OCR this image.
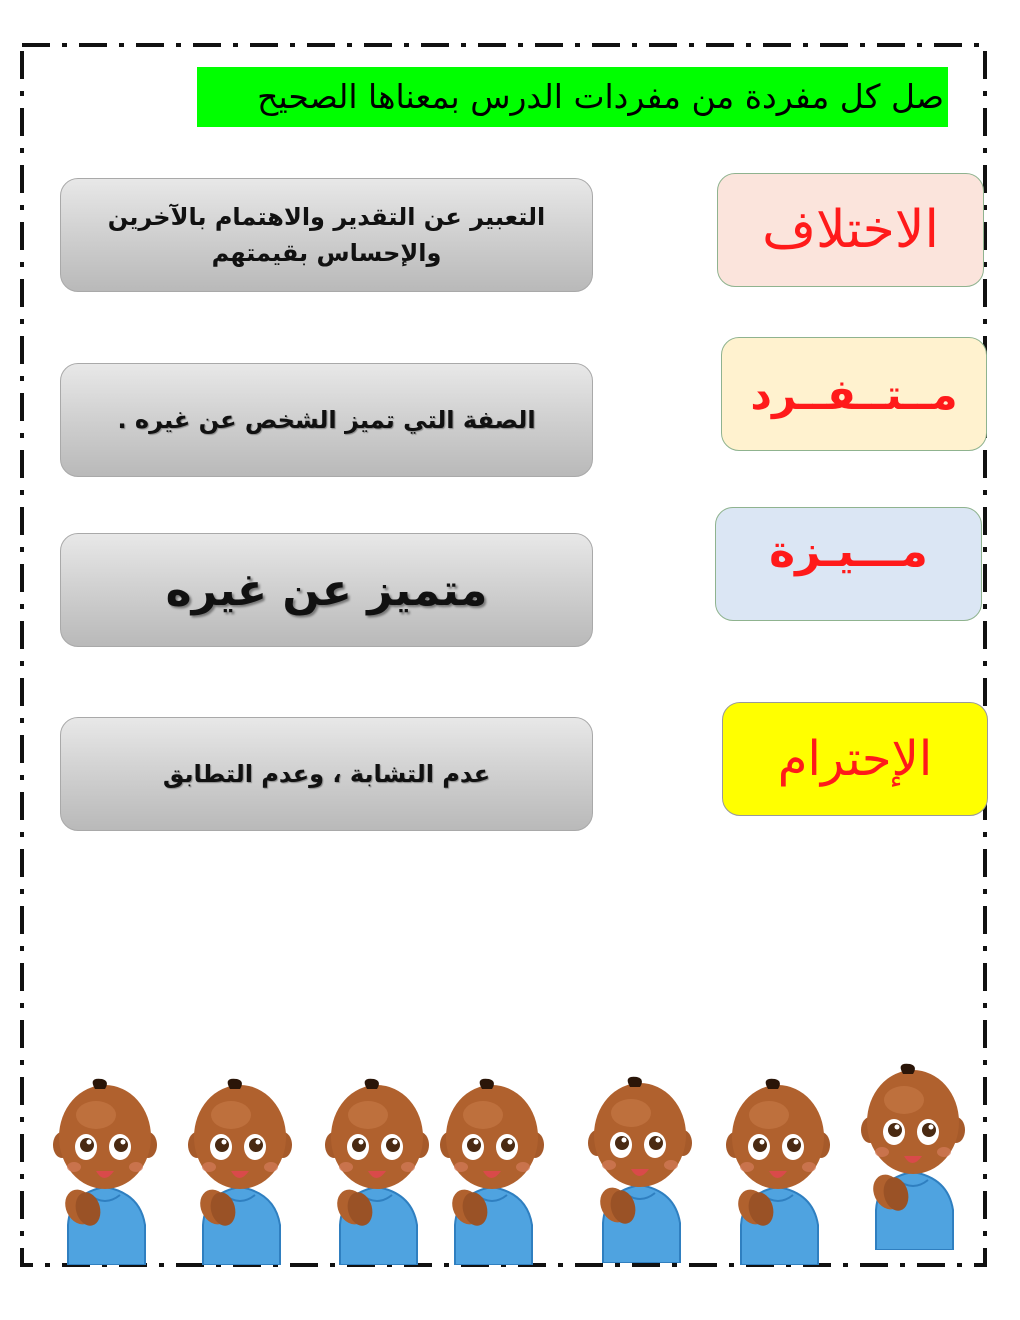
صل كل مفردة من مفردات الدرس بمعناها الصحيح
التعبير عن التقدير والاهتمام بالآخرين والإحساس بقيمتهم
الصفة التي تميز الشخص عن غيره .
متميز عن غيره
عدم التشابة ، وعدم التطابق
الاختلاف
مــتــفــرد
مـــيـزة
الإحترام
